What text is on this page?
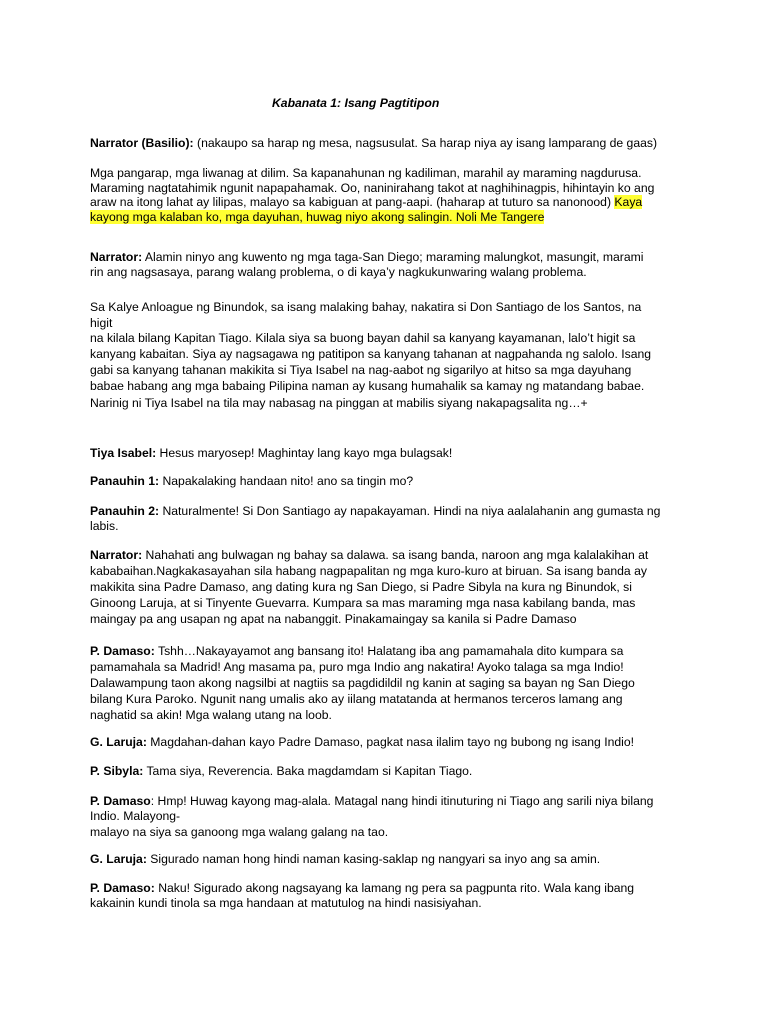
Kabanata 1: Isang Pagtitipon
Narrator (Basilio): (nakaupo sa harap ng mesa, nagsusulat. Sa harap niya ay isang lamparang de gaas)
Mga pangarap, mga liwanag at dilim. Sa kapanahunan ng kadiliman, marahil ay maraming nagdurusa.
Maraming nagtatahimik ngunit napapahamak. Oo, naninirahang takot at naghihinagpis, hihintayin ko ang
araw na itong lahat ay lilipas, malayo sa kabiguan at pang-aapi. (haharap at tuturo sa nanonood) Kaya
kayong mga kalaban ko, mga dayuhan, huwag niyo akong salingin. Noli Me Tangere
Narrator: Alamin ninyo ang kuwento ng mga taga-San Diego; maraming malungkot, masungit, marami
rin ang nagsasaya, parang walang problema, o di kaya’y nagkukunwaring walang problema.
Sa Kalye Anloague ng Binundok, sa isang malaking bahay, nakatira si Don Santiago de los Santos, na
higit
na kilala bilang Kapitan Tiago. Kilala siya sa buong bayan dahil sa kanyang kayamanan, lalo’t higit sa
kanyang kabaitan. Siya ay nagsagawa ng patitipon sa kanyang tahanan at nagpahanda ng salolo. Isang
gabi sa kanyang tahanan makikita si Tiya Isabel na nag-aabot ng sigarilyo at hitso sa mga dayuhang
babae habang ang mga babaing Pilipina naman ay kusang humahalik sa kamay ng matandang babae.
Narinig ni Tiya Isabel na tila may nabasag na pinggan at mabilis siyang nakapagsalita ng…+
Tiya Isabel: Hesus maryosep! Maghintay lang kayo mga bulagsak!
Panauhin 1: Napakalaking handaan nito! ano sa tingin mo?
Panauhin 2: Naturalmente! Si Don Santiago ay napakayaman. Hindi na niya aalalahanin ang gumasta ng
labis.
Narrator: Nahahati ang bulwagan ng bahay sa dalawa. sa isang banda, naroon ang mga kalalakihan at
kababaihan.Nagkakasayahan sila habang nagpapalitan ng mga kuro-kuro at biruan. Sa isang banda ay
makikita sina Padre Damaso, ang dating kura ng San Diego, si Padre Sibyla na kura ng Binundok, si
Ginoong Laruja, at si Tinyente Guevarra. Kumpara sa mas maraming mga nasa kabilang banda, mas
maingay pa ang usapan ng apat na nabanggit. Pinakamaingay sa kanila si Padre Damaso
P. Damaso: Tshh…Nakayayamot ang bansang ito! Halatang iba ang pamamahala dito kumpara sa
pamamahala sa Madrid! Ang masama pa, puro mga Indio ang nakatira! Ayoko talaga sa mga Indio!
Dalawampung taon akong nagsilbi at nagtiis sa pagdidildil ng kanin at saging sa bayan ng San Diego
bilang Kura Paroko. Ngunit nang umalis ako ay iilang matatanda at hermanos terceros lamang ang
naghatid sa akin! Mga walang utang na loob.
G. Laruja: Magdahan-dahan kayo Padre Damaso, pagkat nasa ilalim tayo ng bubong ng isang Indio!
P. Sibyla: Tama siya, Reverencia. Baka magdamdam si Kapitan Tiago.
P. Damaso: Hmp! Huwag kayong mag-alala. Matagal nang hindi itinuturing ni Tiago ang sarili niya bilang
Indio. Malayong-
malayo na siya sa ganoong mga walang galang na tao.
G. Laruja: Sigurado naman hong hindi naman kasing-saklap ng nangyari sa inyo ang sa amin.
P. Damaso: Naku! Sigurado akong nagsayang ka lamang ng pera sa pagpunta rito. Wala kang ibang
kakainin kundi tinola sa mga handaan at matutulog na hindi nasisiyahan.
